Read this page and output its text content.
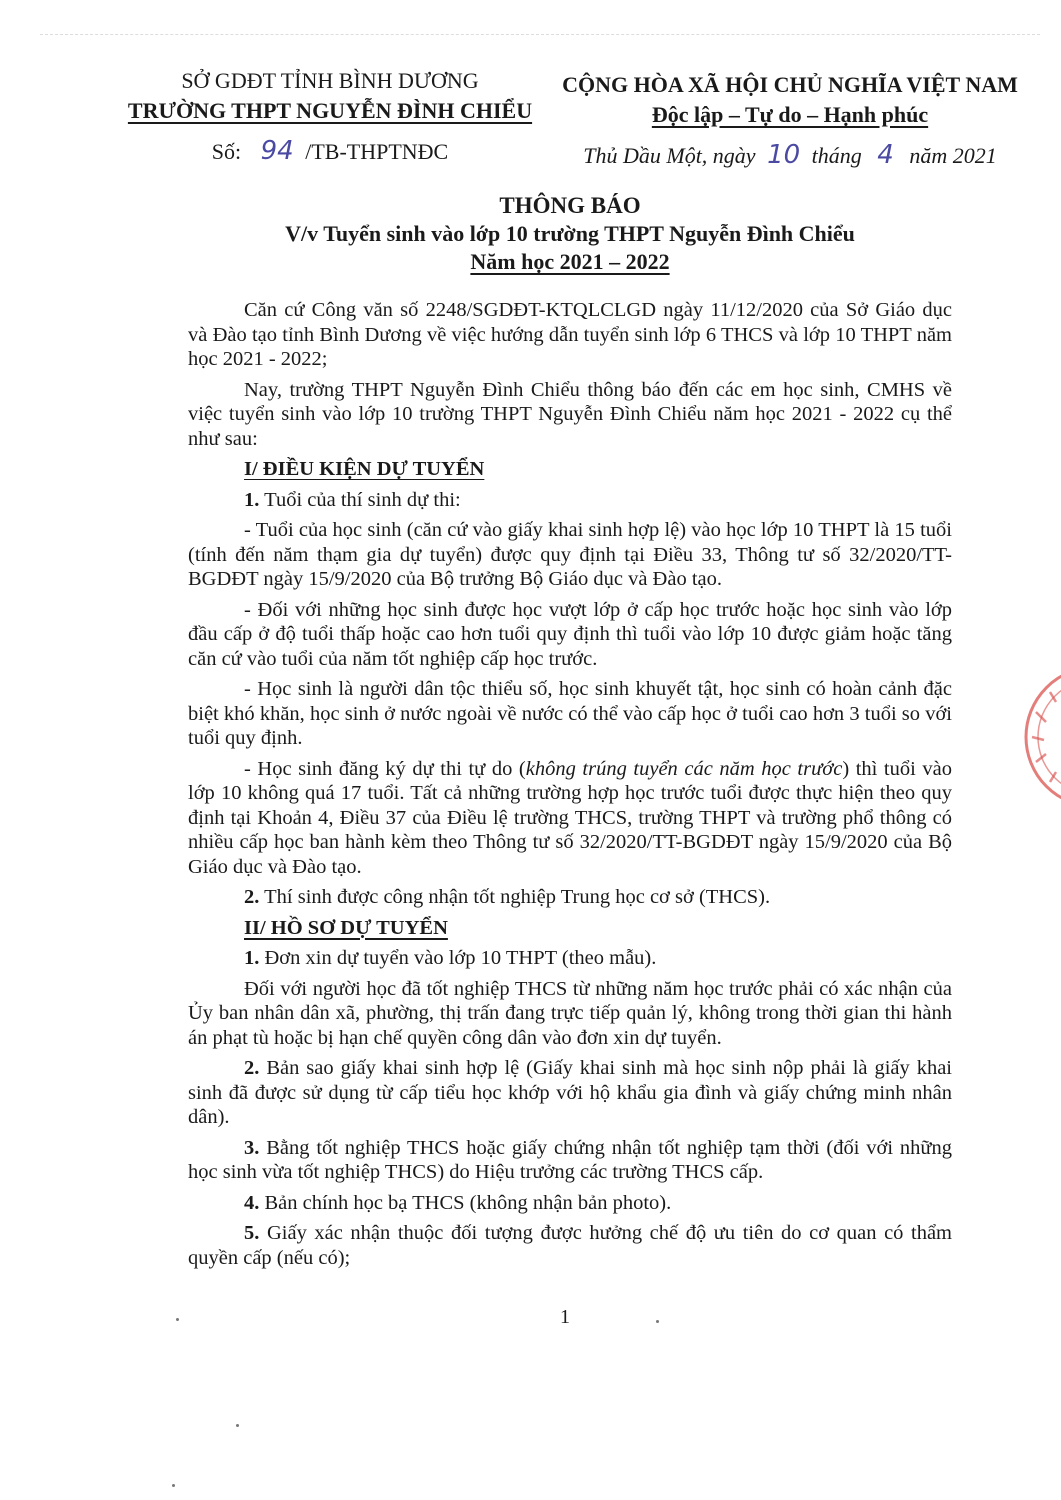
SỞ GDĐT TỈNH BÌNH DƯƠNG
TRƯỜNG THPT NGUYỄN ĐÌNH CHIỂU
Số: 94 /TB-THPTNĐC
CỘNG HÒA XÃ HỘI CHỦ NGHĨA VIỆT NAM
Độc lập – Tự do – Hạnh phúc
Thủ Dầu Một, ngày 10 tháng 4 năm 2021
THÔNG BÁO
V/v Tuyển sinh vào lớp 10 trường THPT Nguyễn Đình Chiểu
Năm học 2021 – 2022

Căn cứ Công văn số 2248/SGDĐT-KTQLCLGD ngày 11/12/2020 của Sở Giáo dục và Đào tạo tỉnh Bình Dương về việc hướng dẫn tuyển sinh lớp 6 THCS và lớp 10 THPT năm học 2021 - 2022;

Nay, trường THPT Nguyễn Đình Chiểu thông báo đến các em học sinh, CMHS về việc tuyển sinh vào lớp 10 trường THPT Nguyễn Đình Chiểu năm học 2021 - 2022 cụ thể như sau:

I/ ĐIỀU KIỆN DỰ TUYỂN

1. Tuổi của thí sinh dự thi:

- Tuổi của học sinh (căn cứ vào giấy khai sinh hợp lệ) vào học lớp 10 THPT là 15 tuổi (tính đến năm thạm gia dự tuyển) được quy định tại Điều 33, Thông tư số 32/2020/TT-BGDĐT ngày 15/9/2020 của Bộ trưởng Bộ Giáo dục và Đào tạo.

- Đối với những học sinh được học vượt lớp ở cấp học trước hoặc học sinh vào lớp đầu cấp ở độ tuổi thấp hoặc cao hơn tuổi quy định thì tuổi vào lớp 10 được giảm hoặc tăng căn cứ vào tuổi của năm tốt nghiệp cấp học trước.

- Học sinh là người dân tộc thiểu số, học sinh khuyết tật, học sinh có hoàn cảnh đặc biệt khó khăn, học sinh ở nước ngoài về nước có thể vào cấp học ở tuổi cao hơn 3 tuổi so với tuổi quy định.

- Học sinh đăng ký dự thi tự do (không trúng tuyển các năm học trước) thì tuổi vào lớp 10 không quá 17 tuổi. Tất cả những trường hợp học trước tuổi được thực hiện theo quy định tại Khoản 4, Điều 37 của Điều lệ trường THCS, trường THPT và trường phổ thông có nhiều cấp học ban hành kèm theo Thông tư số 32/2020/TT-BGDĐT ngày 15/9/2020 của Bộ Giáo dục và Đào tạo.

2. Thí sinh được công nhận tốt nghiệp Trung học cơ sở (THCS).

II/ HỒ SƠ DỰ TUYỂN

1. Đơn xin dự tuyển vào lớp 10 THPT (theo mẫu).

Đối với người học đã tốt nghiệp THCS từ những năm học trước phải có xác nhận của Ủy ban nhân dân xã, phường, thị trấn đang trực tiếp quản lý, không trong thời gian thi hành án phạt tù hoặc bị hạn chế quyền công dân vào đơn xin dự tuyển.

2. Bản sao giấy khai sinh hợp lệ (Giấy khai sinh mà học sinh nộp phải là giấy khai sinh đã được sử dụng từ cấp tiểu học khớp với hộ khẩu gia đình và giấy chứng minh nhân dân).

3. Bằng tốt nghiệp THCS hoặc giấy chứng nhận tốt nghiệp tạm thời (đối với những học sinh vừa tốt nghiệp THCS) do Hiệu trưởng các trường THCS cấp.

4. Bản chính học bạ THCS (không nhận bản photo).

5. Giấy xác nhận thuộc đối tượng được hưởng chế độ ưu tiên do cơ quan có thẩm quyền cấp (nếu có);

1
